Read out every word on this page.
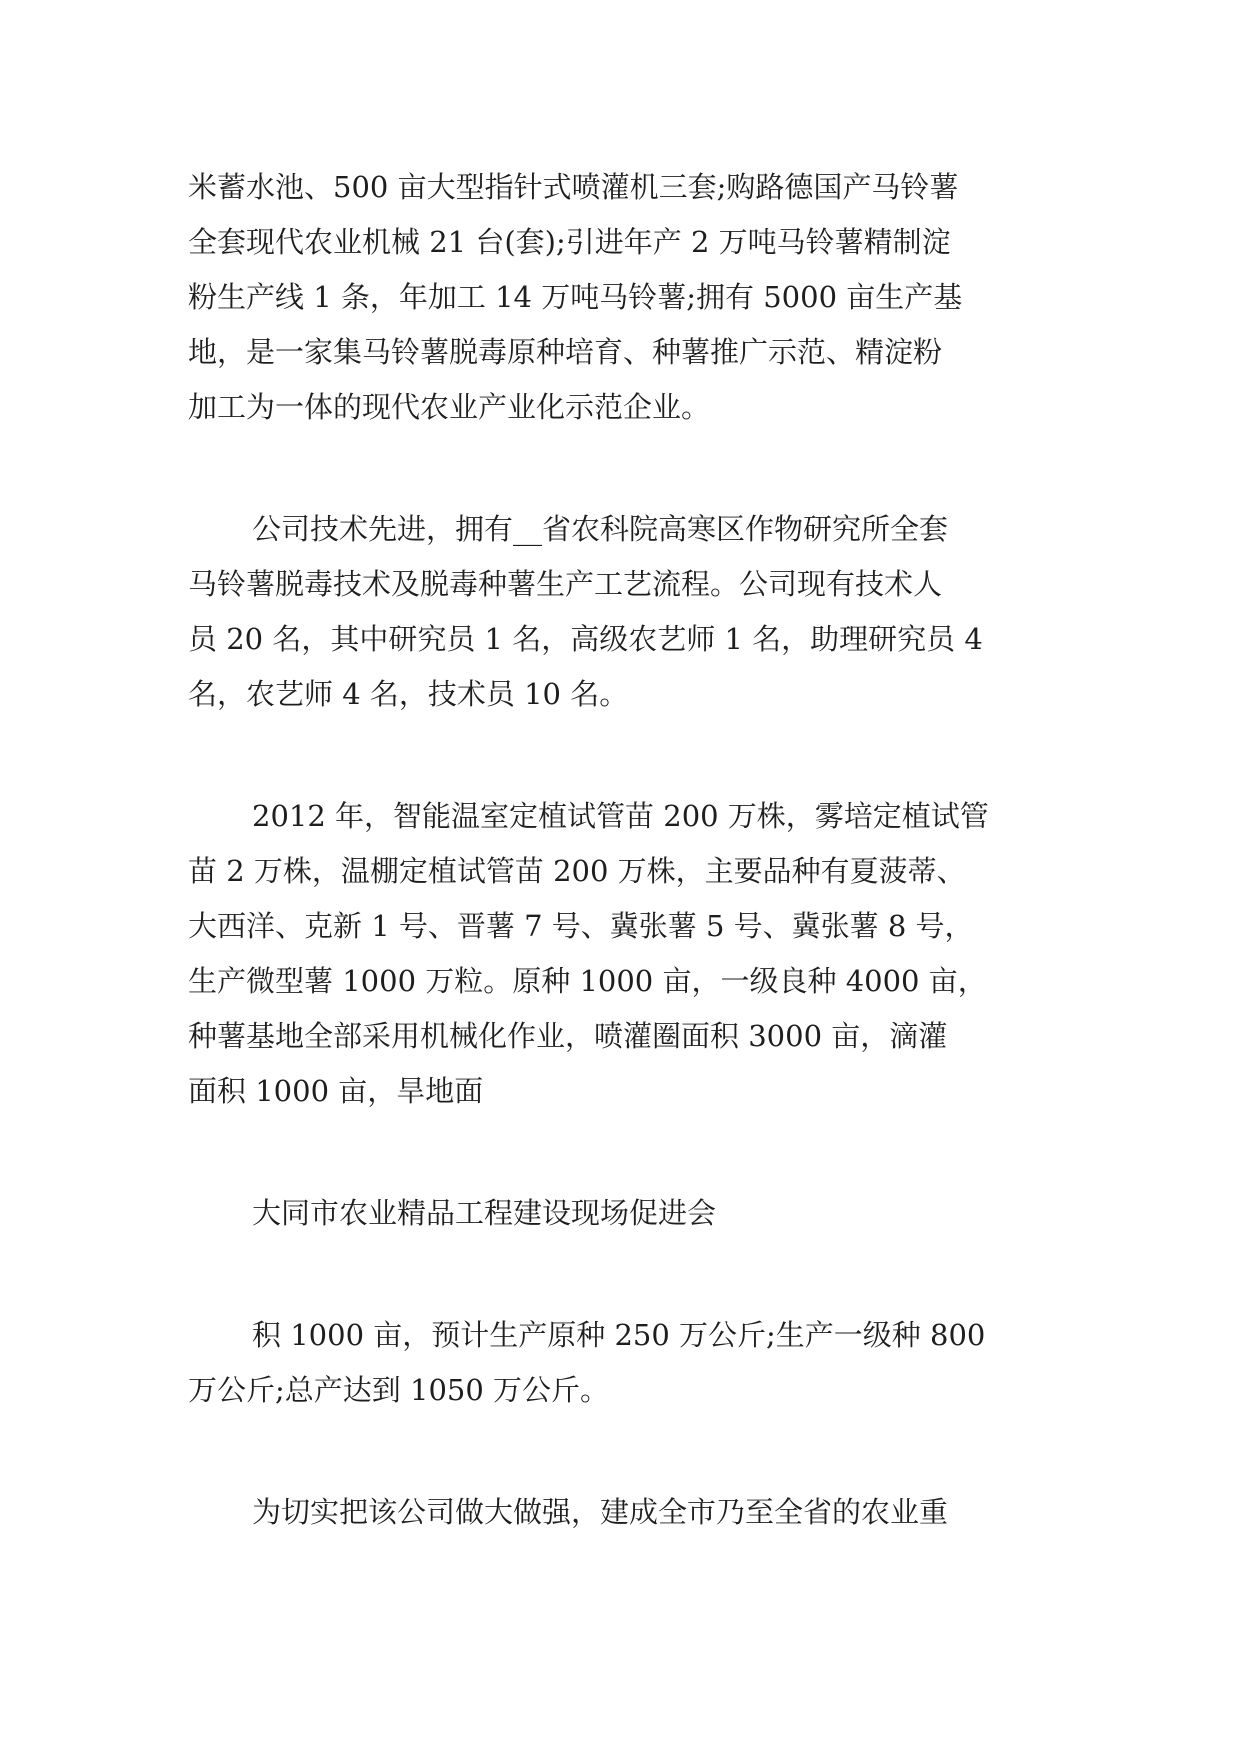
米蓄水池、500 亩大型指针式喷灌机三套;购路德国产马铃薯
全套现代农业机械 21 台(套);引进年产 2 万吨马铃薯精制淀
粉生产线 1 条，年加工 14 万吨马铃薯;拥有 5000 亩生产基
地，是一家集马铃薯脱毒原种培育、种薯推广示范、精淀粉
加工为一体的现代农业产业化示范企业。
公司技术先进，拥有__省农科院高寒区作物研究所全套
马铃薯脱毒技术及脱毒种薯生产工艺流程。公司现有技术人
员 20 名，其中研究员 1 名，高级农艺师 1 名，助理研究员 4
名，农艺师 4 名，技术员 10 名。
2012 年，智能温室定植试管苗 200 万株，雾培定植试管
苗 2 万株，温棚定植试管苗 200 万株，主要品种有夏菠蒂、
大西洋、克新 1 号、晋薯 7 号、冀张薯 5 号、冀张薯 8 号，
生产微型薯 1000 万粒。原种 1000 亩，一级良种 4000 亩，
种薯基地全部采用机械化作业，喷灌圈面积 3000 亩，滴灌
面积 1000 亩，旱地面
大同市农业精品工程建设现场促进会
积 1000 亩，预计生产原种 250 万公斤;生产一级种 800
万公斤;总产达到 1050 万公斤。
为切实把该公司做大做强，建成全市乃至全省的农业重
